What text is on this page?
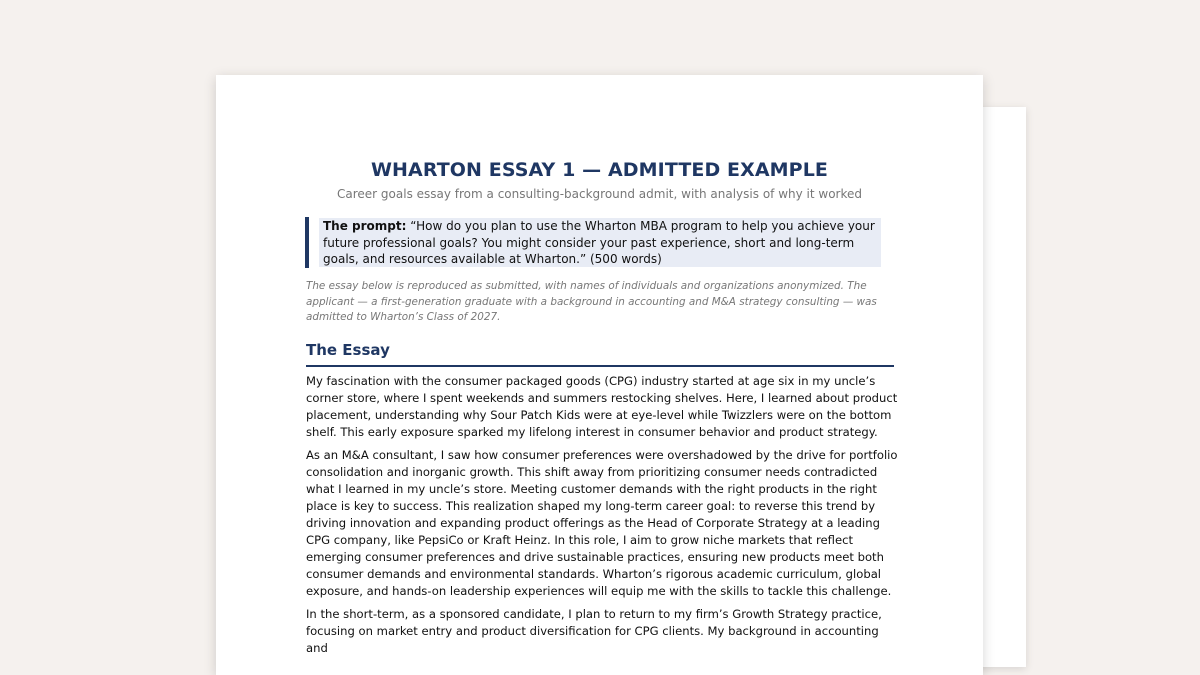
WHARTON ESSAY 1 — ADMITTED EXAMPLE

Career goals essay from a consulting-background admit, with analysis of why it worked

The prompt: “How do you plan to use the Wharton MBA program to help you achieve your future professional goals? You might consider your past experience, short and long-term goals, and resources available at Wharton.” (500 words)

The essay below is reproduced as submitted, with names of individuals and organizations anonymized. The applicant — a first-generation graduate with a background in accounting and M&A strategy consulting — was admitted to Wharton’s Class of 2027.

The Essay

My fascination with the consumer packaged goods (CPG) industry started at age six in my uncle’s corner store, where I spent weekends and summers restocking shelves. Here, I learned about product placement, understanding why Sour Patch Kids were at eye-level while Twizzlers were on the bottom shelf. This early exposure sparked my lifelong interest in consumer behavior and product strategy.

As an M&A consultant, I saw how consumer preferences were overshadowed by the drive for portfolio consolidation and inorganic growth. This shift away from prioritizing consumer needs contradicted what I learned in my uncle’s store. Meeting customer demands with the right products in the right place is key to success. This realization shaped my long-term career goal: to reverse this trend by driving innovation and expanding product offerings as the Head of Corporate Strategy at a leading CPG company, like PepsiCo or Kraft Heinz. In this role, I aim to grow niche markets that reflect emerging consumer preferences and drive sustainable practices, ensuring new products meet both consumer demands and environmental standards. Wharton’s rigorous academic curriculum, global exposure, and hands-on leadership experiences will equip me with the skills to tackle this challenge.

In the short-term, as a sponsored candidate, I plan to return to my firm’s Growth Strategy practice, focusing on market entry and product diversification for CPG clients. My background in accounting and
